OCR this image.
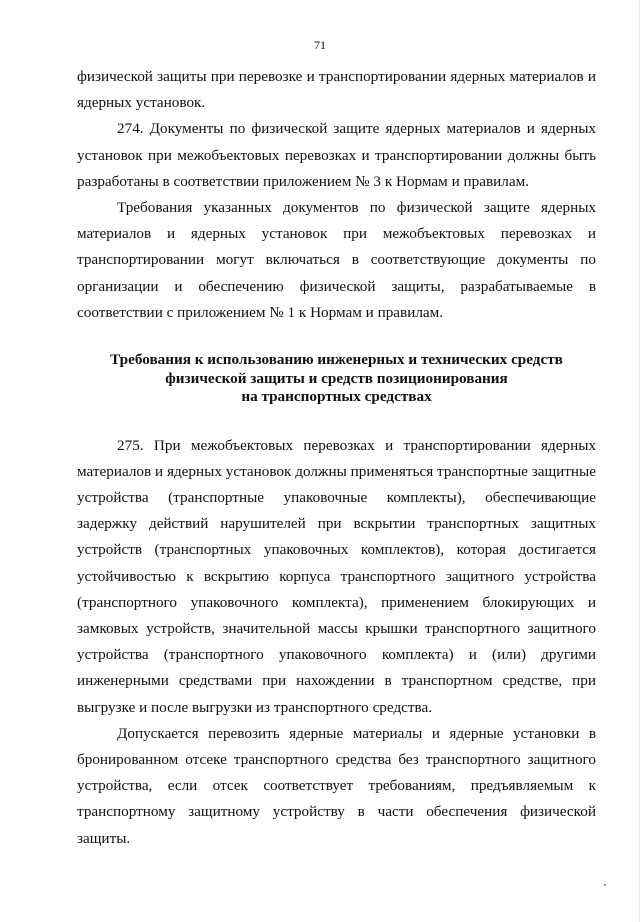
71

физической защиты при перевозке и транспортировании ядерных материалов и ядерных установок.

274. Документы по физической защите ядерных материалов и ядерных установок при межобъектовых перевозках и транспортировании должны быть разработаны в соответствии приложением № 3 к Нормам и правилам.

Требования указанных документов по физической защите ядерных материалов и ядерных установок при межобъектовых перевозках и транспортировании могут включаться в соответствующие документы по организации и обеспечению физической защиты, разрабатываемые в соответствии с приложением № 1 к Нормам и правилам.

Требования к использованию инженерных и технических средств
физической защиты и средств позиционирования
на транспортных средствах

275. При межобъектовых перевозках и транспортировании ядерных материалов и ядерных установок должны применяться транспортные защитные устройства (транспортные упаковочные комплекты), обеспечивающие задержку действий нарушителей при вскрытии транспортных защитных устройств (транспортных упаковочных комплектов), которая достигается устойчивостью к вскрытию корпуса транспортного защитного устройства (транспортного упаковочного комплекта), применением блокирующих и замковых устройств, значительной массы крышки транспортного защитного устройства (транспортного упаковочного комплекта) и (или) другими инженерными средствами при нахождении в транспортном средстве, при выгрузке и после выгрузки из транспортного средства.

Допускается перевозить ядерные материалы и ядерные установки в бронированном отсеке транспортного средства без транспортного защитного устройства, если отсек соответствует требованиям, предъявляемым к транспортному защитному устройству в части обеспечения физической защиты.
